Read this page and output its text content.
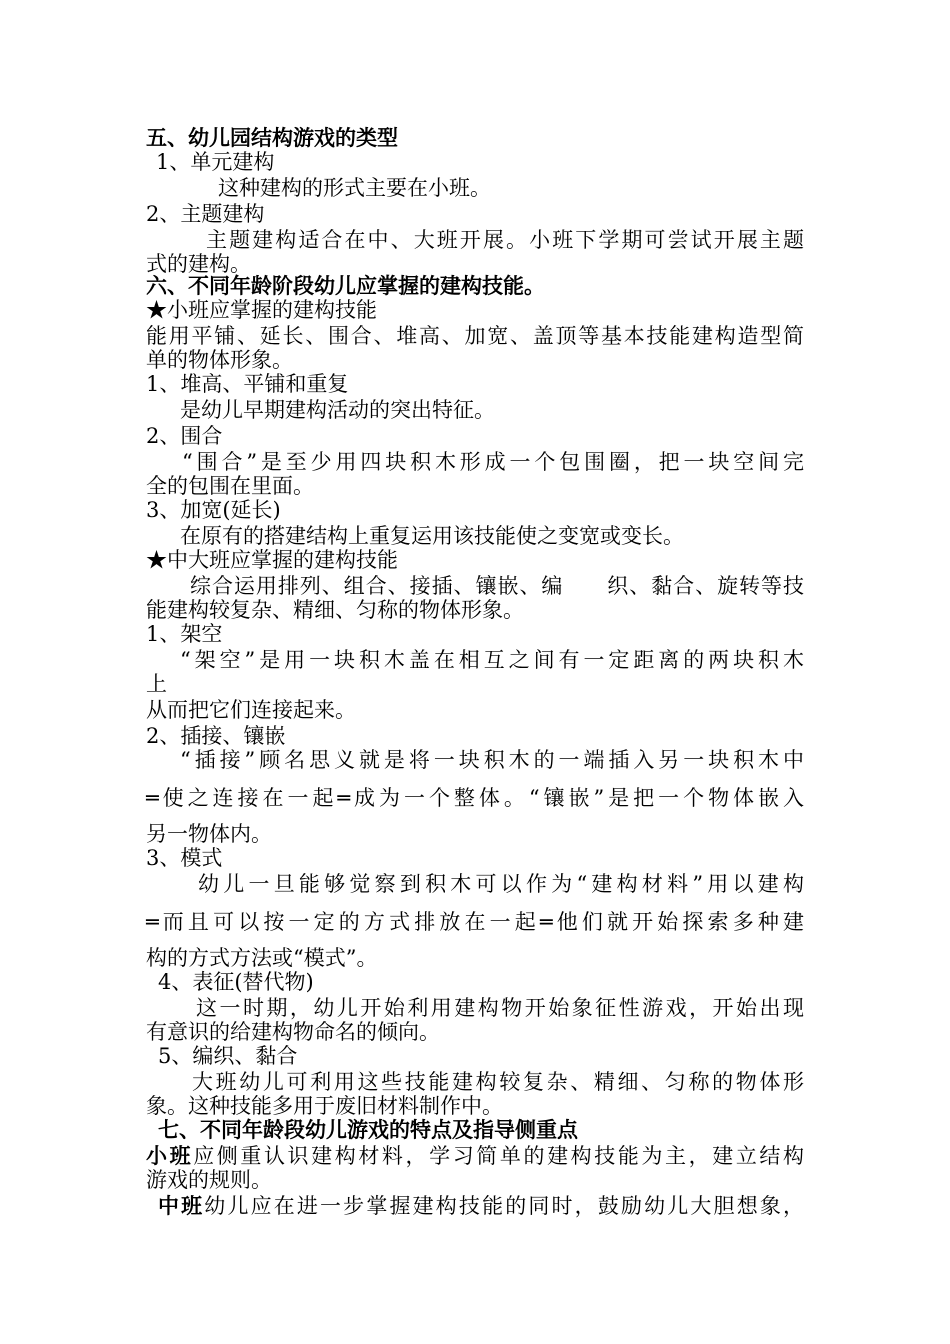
五、幼儿园结构游戏的类型
1、单元建构
这种建构的形式主要在小班。
2、主题建构
主题建构适合在中、大班开展。小班下学期可尝试开展主题
式的建构。
六、不同年龄阶段幼儿应掌握的建构技能。
★小班应掌握的建构技能
能用平铺、延长、围合、堆高、加宽、盖顶等基本技能建构造型简
单的物体形象。
1、堆高、平铺和重复
是幼儿早期建构活动的突出特征。
2、围合
“围合”是至少用四块积木形成一个包围圈，把一块空间完
全的包围在里面。
3、加宽(延长)
在原有的搭建结构上重复运用该技能使之变宽或变长。
★中大班应掌握的建构技能
综合运用排列、组合、接插、镶嵌、编　　织、黏合、旋转等技
能建构较复杂、精细、匀称的物体形象。
1、架空
“架空”是用一块积木盖在相互之间有一定距离的两块积木
上
从而把它们连接起来。
2、插接、镶嵌
“插接”顾名思义就是将一块积木的一端插入另一块积木中
═使之连接在一起═成为一个整体。“镶嵌”是把一个物体嵌入
另一物体内。
3、模式
幼儿一旦能够觉察到积木可以作为“建构材料”用以建构
═而且可以按一定的方式排放在一起═他们就开始探索多种建
构的方式方法或“模式”。
4、表征(替代物)
这一时期，幼儿开始利用建构物开始象征性游戏，开始出现
有意识的给建构物命名的倾向。
5、编织、黏合
大班幼儿可利用这些技能建构较复杂、精细、匀称的物体形
象。这种技能多用于废旧材料制作中。
七、不同年龄段幼儿游戏的特点及指导侧重点
小班应侧重认识建构材料，学习简单的建构技能为主，建立结构
游戏的规则。
中班幼儿应在进一步掌握建构技能的同时，鼓励幼儿大胆想象，
